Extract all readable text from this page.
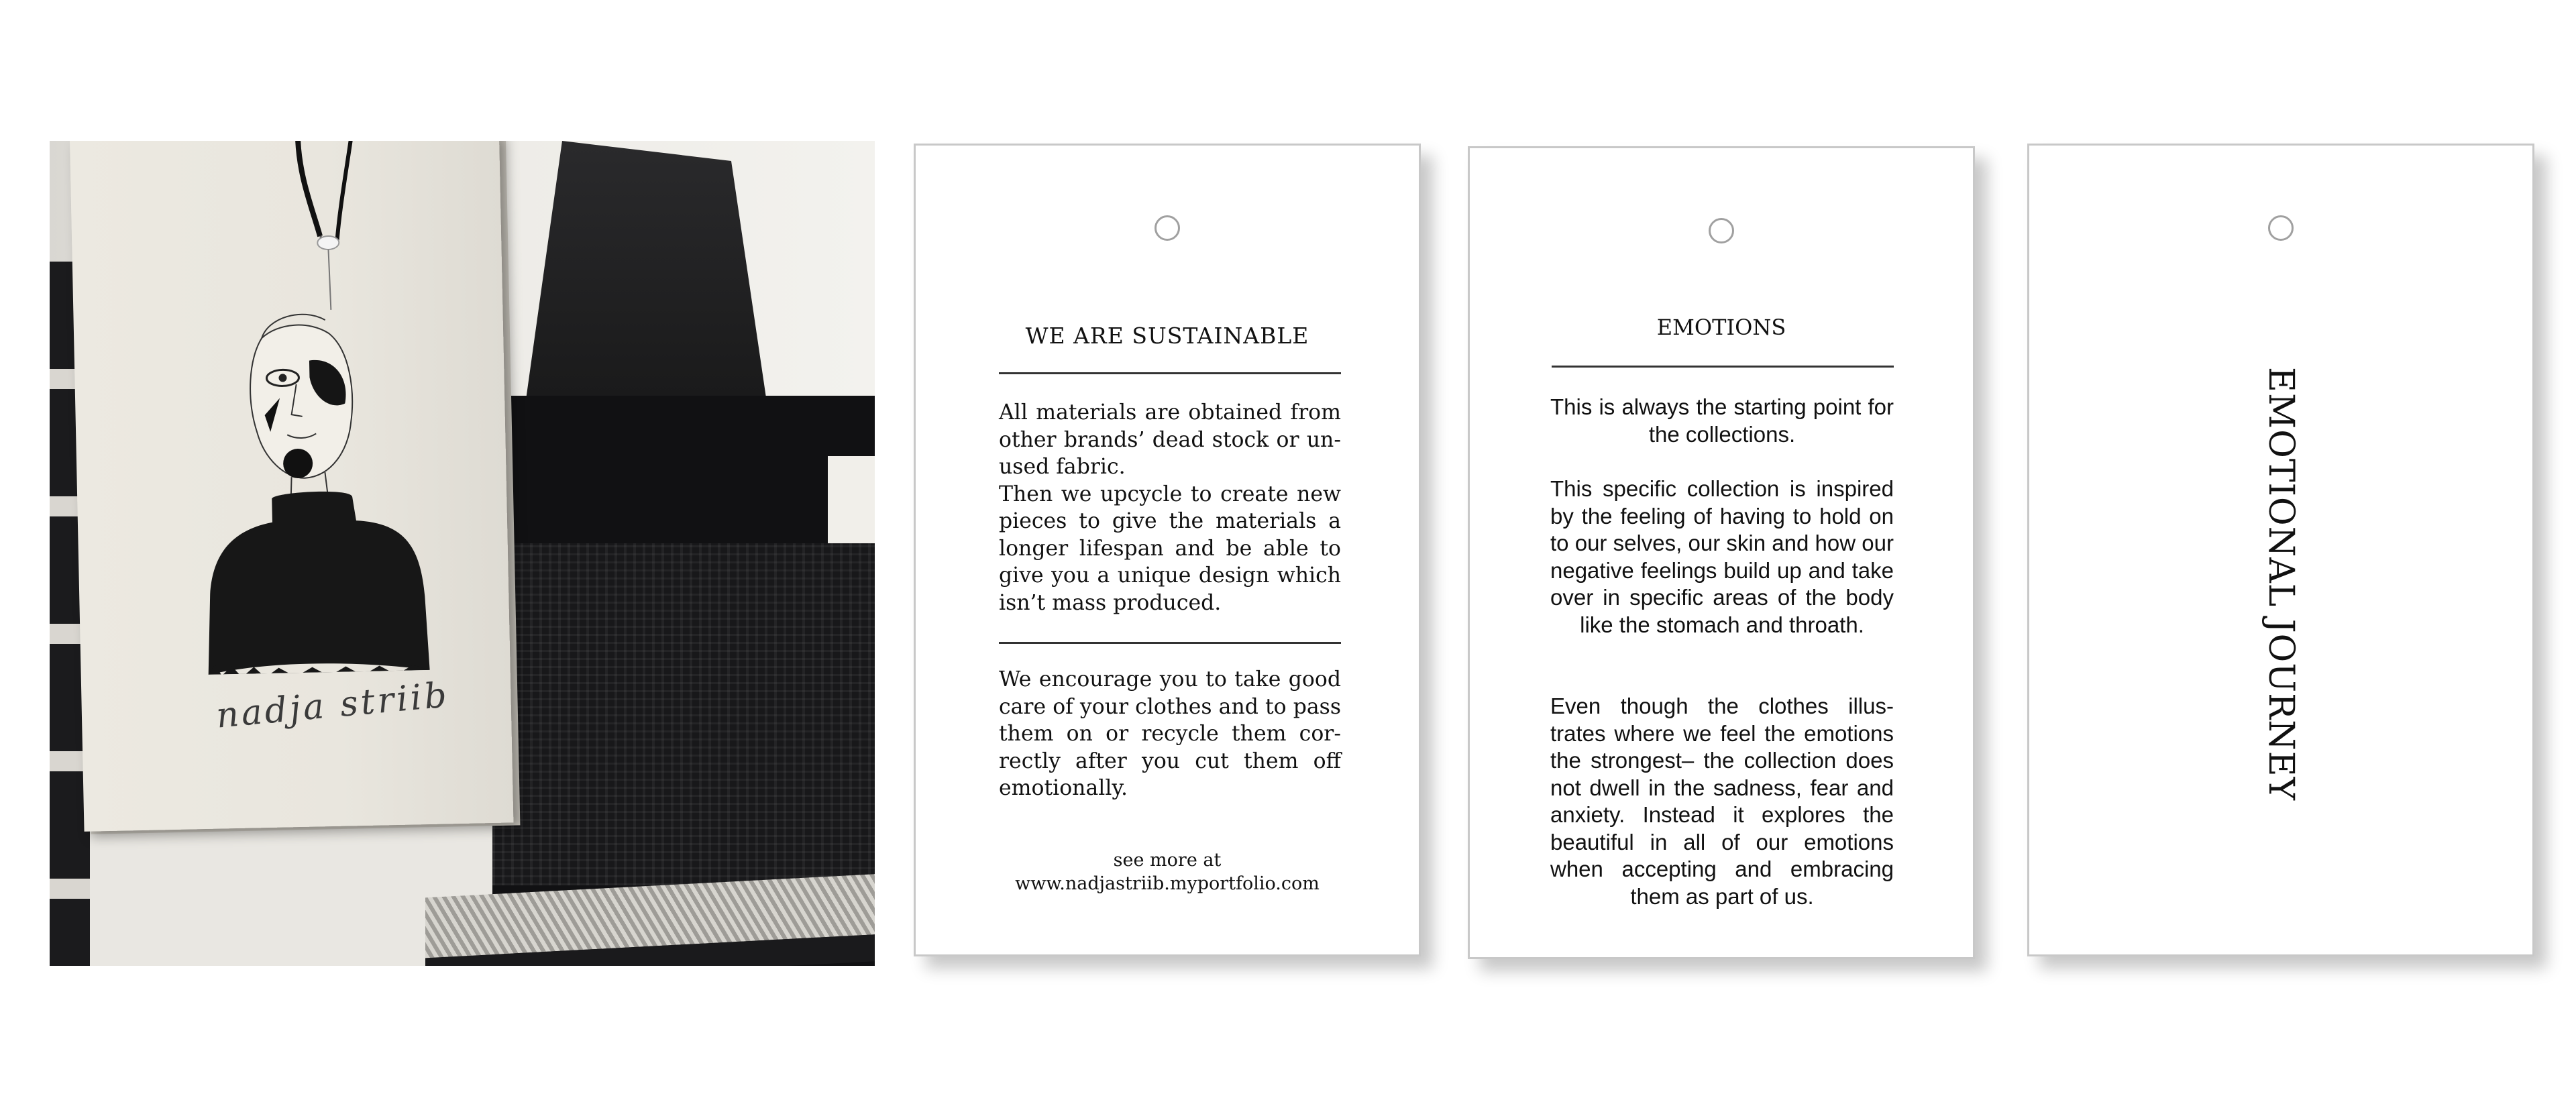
nadja striib
WE ARE SUSTAINABLE
All materials are obtained from other brands’ dead stock or un-used fabric.
Then we upcycle to create new pieces to give the materials a longer lifespan and be able to give you a unique design which isn’t mass produced.
We encourage you to take good care of your clothes and to pass them on or recycle them cor-rectly after you cut them off emotionally.
see more at
www.nadjastriib.myportfolio.com
EMOTIONS
This is always the starting point for the collections.
This specific collection is inspired by the feeling of having to hold on to our selves, our skin and how our negative feelings build up and take over in specific areas of the body like the stomach and throath.
Even though the clothes illus-trates where we feel the emotions the strongest– the collection does not dwell in the sadness, fear and anxiety. Instead it explores the beautiful in all of our emotions when accepting and embracing them as part of us.
EMOTIONAL JOURNEY
